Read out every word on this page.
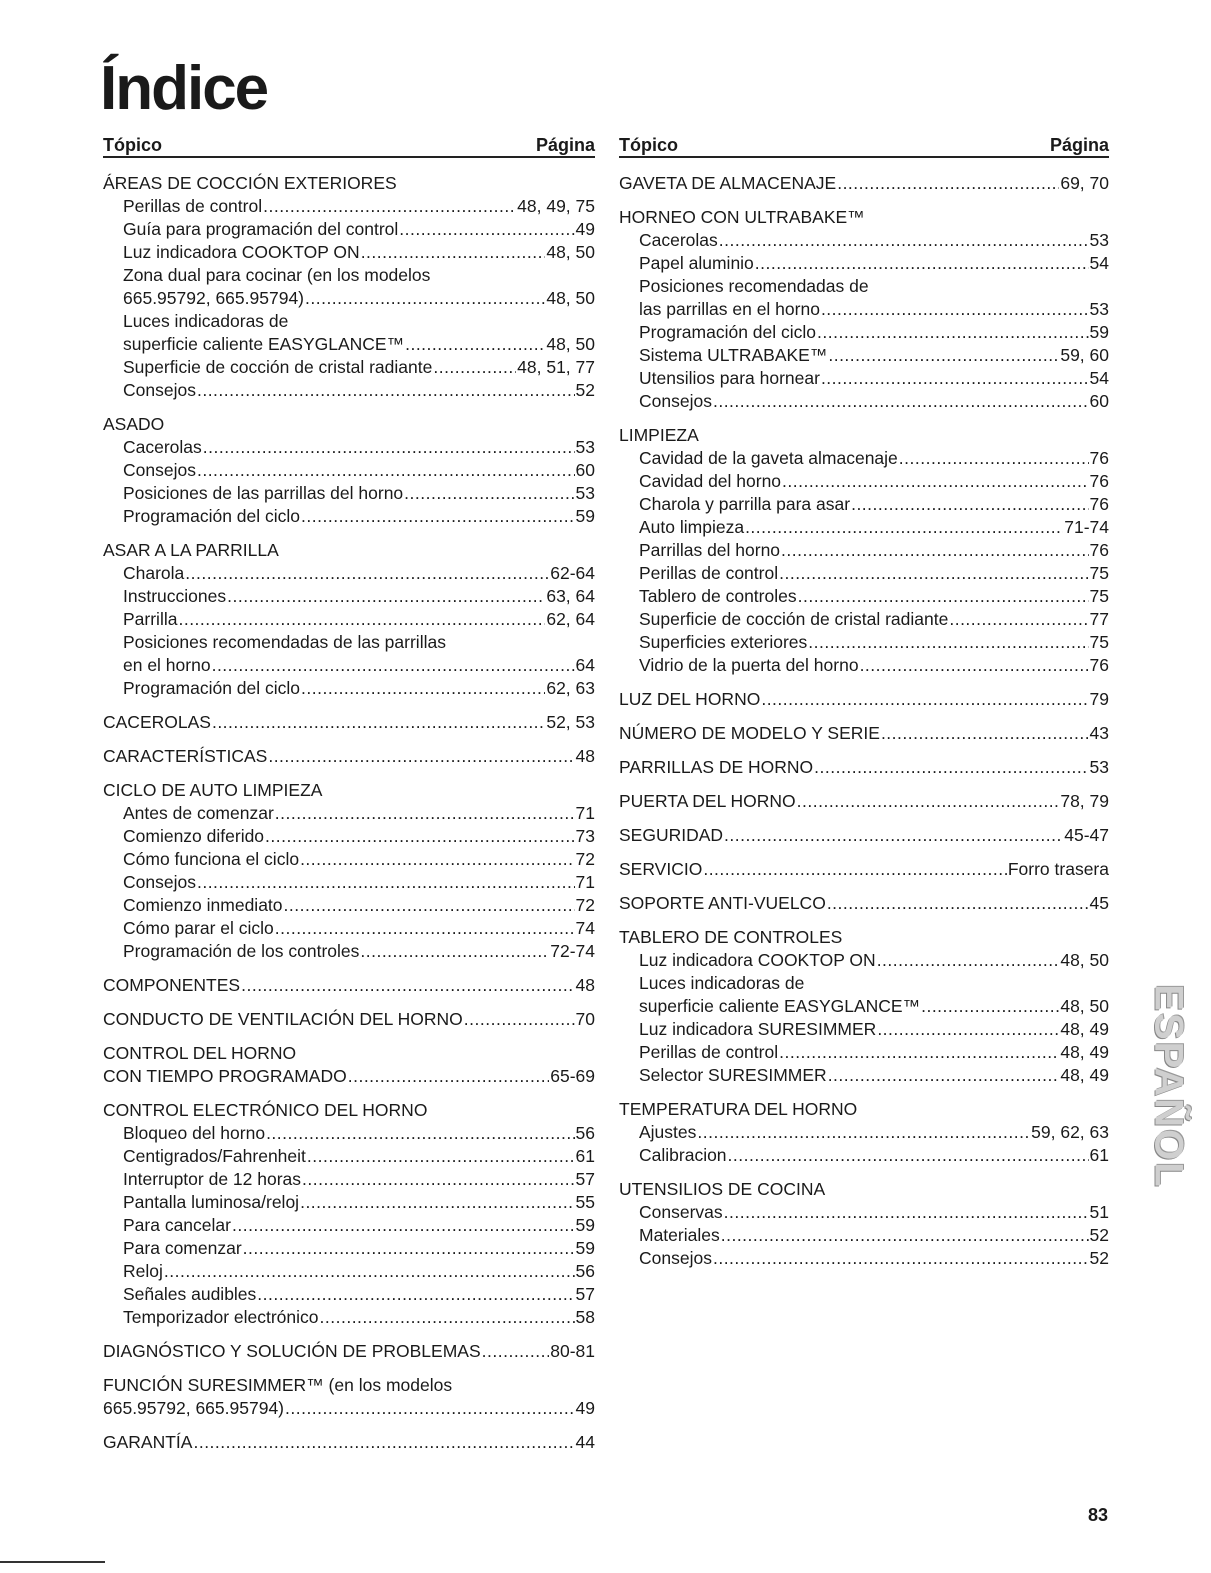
Índice
Tópico	Página
ÁREAS DE COCCIÓN EXTERIORES
Perillas de control .....	48, 49, 75
Guía para programación del control .....	49
Luz indicadora COOKTOP ON .....	48, 50
Zona dual para cocinar (en los modelos
665.95792, 665.95794) .....	48, 50
Luces indicadoras de
superficie caliente EASYGLANCE™ .....	48, 50
Superficie de cocción de cristal radiante .....	48, 51, 77
Consejos .....	52
ASADO
Cacerolas .....	53
Consejos .....	60
Posiciones de las parrillas del horno .....	53
Programación del ciclo .....	59
ASAR A LA PARRILLA
Charola .....	62-64
Instrucciones .....	63, 64
Parrilla .....	62, 64
Posiciones recomendadas de las parrillas
en el horno .....	64
Programación del ciclo .....	62, 63
CACEROLAS .....	52, 53
CARACTERÍSTICAS .....	48
CICLO DE AUTO LIMPIEZA
Antes de comenzar .....	71
Comienzo diferido .....	73
Cómo funciona el ciclo .....	72
Consejos .....	71
Comienzo inmediato .....	72
Cómo parar el ciclo .....	74
Programación de los controles .....	72-74
COMPONENTES .....	48
CONDUCTO DE VENTILACIÓN DEL HORNO .....	70
CONTROL DEL HORNO
CON TIEMPO PROGRAMADO .....	65-69
CONTROL ELECTRÓNICO DEL HORNO
Bloqueo del horno .....	56
Centigrados/Fahrenheit .....	61
Interruptor de 12 horas .....	57
Pantalla luminosa/reloj .....	55
Para cancelar .....	59
Para comenzar .....	59
Reloj .....	56
Señales audibles .....	57
Temporizador electrónico .....	58
DIAGNÓSTICO Y SOLUCIÓN DE PROBLEMAS .....	80-81
FUNCIÓN SURESIMMER™ (en los modelos
665.95792, 665.95794) .....	49
GARANTÍA .....	44
Tópico	Página
GAVETA DE ALMACENAJE .....	69, 70
HORNEO CON ULTRABAKE™
Cacerolas .....	53
Papel aluminio .....	54
Posiciones recomendadas de
las parrillas en el horno .....	53
Programación del ciclo .....	59
Sistema ULTRABAKE™ .....	59, 60
Utensilios para hornear .....	54
Consejos .....	60
LIMPIEZA
Cavidad de la gaveta almacenaje .....	76
Cavidad del horno .....	76
Charola y parrilla para asar .....	76
Auto limpieza .....	71-74
Parrillas del horno .....	76
Perillas de control .....	75
Tablero de controles .....	75
Superficie de cocción de cristal radiante .....	77
Superficies exteriores .....	75
Vidrio de la puerta del horno .....	76
LUZ DEL HORNO .....	79
NÚMERO DE MODELO Y SERIE .....	43
PARRILLAS DE HORNO .....	53
PUERTA DEL HORNO .....	78, 79
SEGURIDAD .....	45-47
SERVICIO .....	Forro trasera
SOPORTE ANTI-VUELCO .....	45
TABLERO DE CONTROLES
Luz indicadora COOKTOP ON .....	48, 50
Luces indicadoras de
superficie caliente EASYGLANCE™ .....	48, 50
Luz indicadora SURESIMMER .....	48, 49
Perillas de control .....	48, 49
Selector SURESIMMER .....	48, 49
TEMPERATURA DEL HORNO
Ajustes .....	59, 62, 63
Calibracion .....	61
UTENSILIOS DE COCINA
Conservas .....	51
Materiales .....	52
Consejos .....	52
ESPAÑOL
83
